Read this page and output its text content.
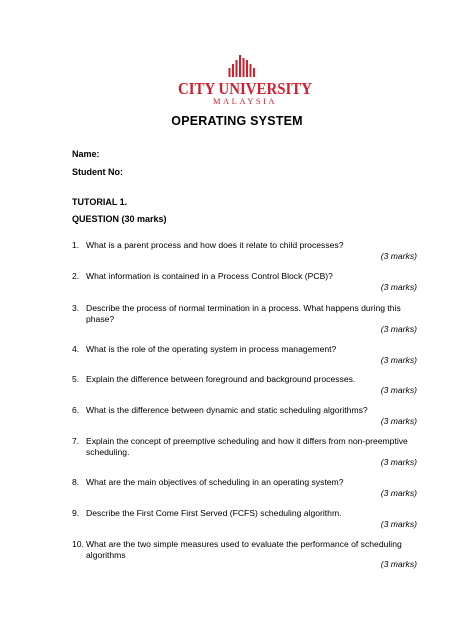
CITY UNIVERSITY
MALAYSIA
OPERATING SYSTEM
Name:
Student No:
TUTORIAL 1.
QUESTION (30 marks)
1. What is a parent process and how does it relate to child processes?
(3 marks)
2. What information is contained in a Process Control Block (PCB)?
(3 marks)
3. Describe the process of normal termination in a process. What happens during this
phase?
(3 marks)
4. What is the role of the operating system in process management?
(3 marks)
5. Explain the difference between foreground and background processes.
(3 marks)
6. What is the difference between dynamic and static scheduling algorithms?
(3 marks)
7. Explain the concept of preemptive scheduling and how it differs from non-preemptive
scheduling.
(3 marks)
8. What are the main objectives of scheduling in an operating system?
(3 marks)
9. Describe the First Come First Served (FCFS) scheduling algorithm.
(3 marks)
10. What are the two simple measures used to evaluate the performance of scheduling
algorithms
(3 marks)
